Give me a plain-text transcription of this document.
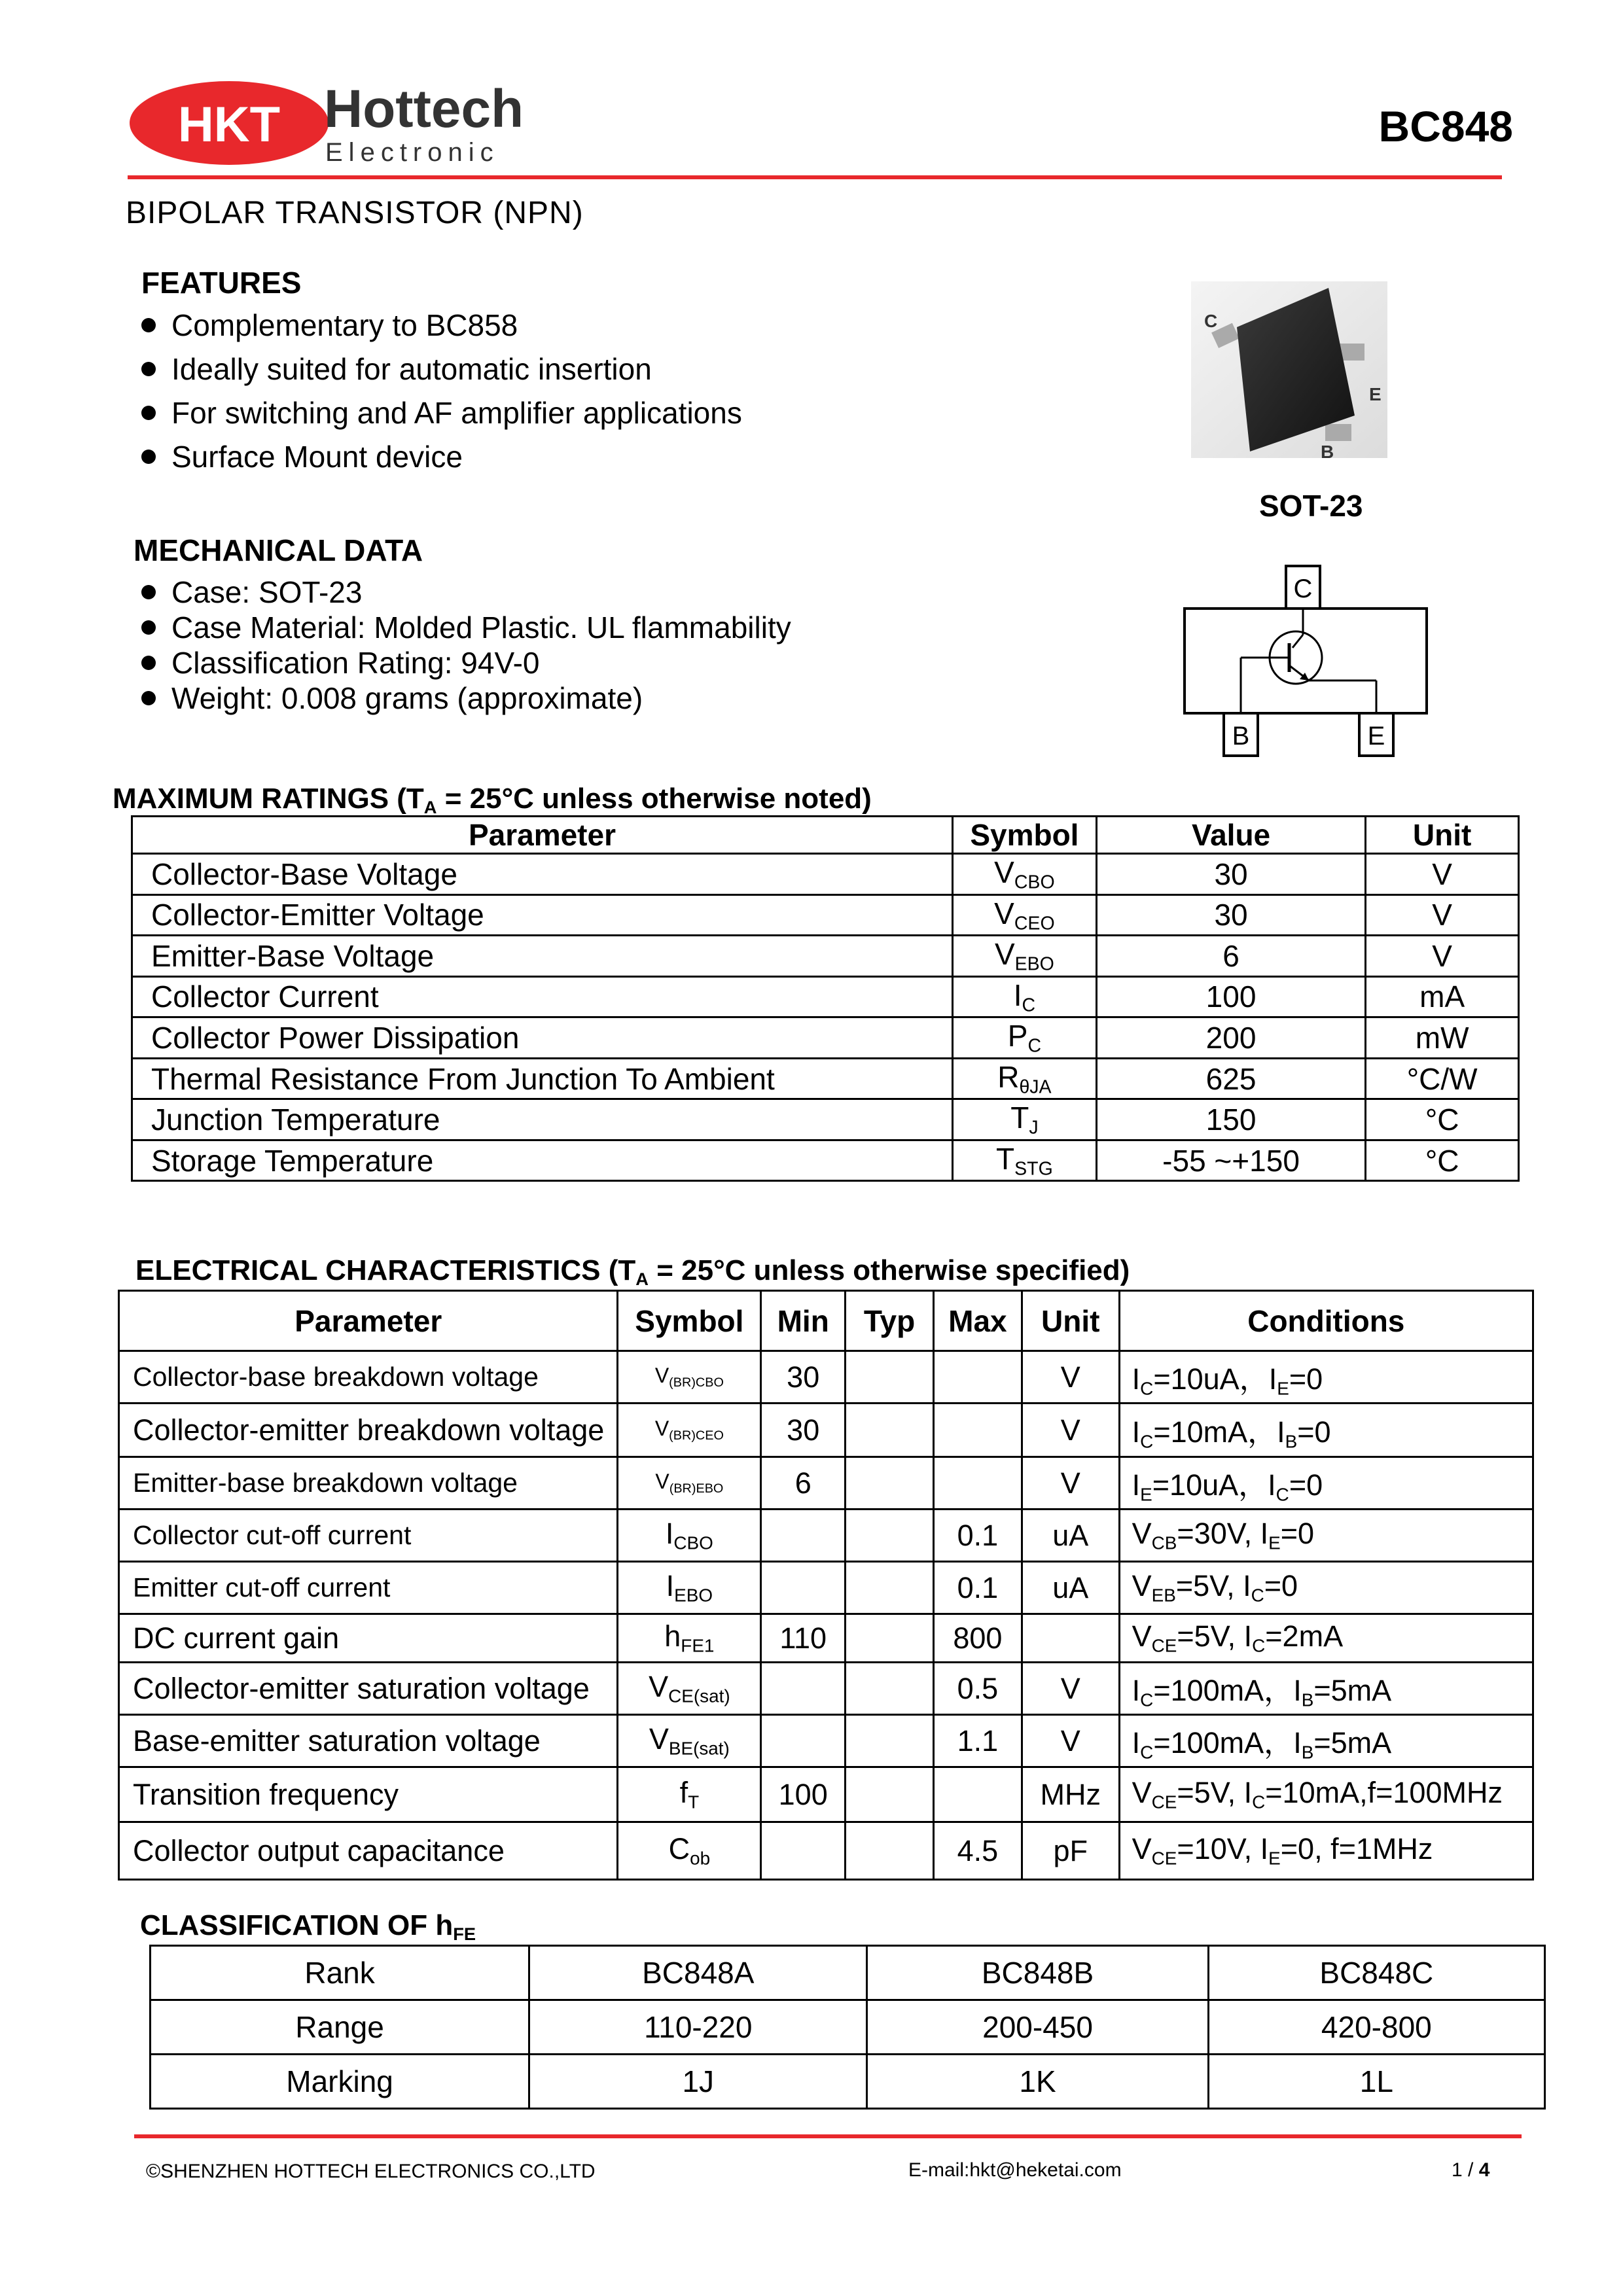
HKT Hottech
Electronic
BC848
BIPOLAR TRANSISTOR (NPN)
FEATURES
Complementary to BC858
Ideally suited for automatic insertion
For switching and AF amplifier applications
Surface Mount device
C
E
B
SOT-23
MECHANICAL DATA
Case: SOT-23
Case Material: Molded Plastic. UL flammability
Classification Rating: 94V-0
Weight: 0.008 grams (approximate)
C
B	E
MAXIMUM RATINGS ($T_A = 25^\circ C$ unless otherwise noted)
Parameter	Symbol	Value	Unit
Collector-Base Voltage	$V_{CBO}$	30	V
Collector-Emitter Voltage	$V_{CEO}$	30	V
Emitter-Base Voltage	$V_{EBO}$	6	V
Collector Current	$I_C$	100	mA
Collector Power Dissipation	$P_C$	200	mW
Thermal Resistance From Junction To Ambient	$R_{\theta JA}$	625	°C/W
Junction Temperature	$T_J$	150	°C
Storage Temperature	$T_{STG}$	-55 ~+150	°C
ELECTRICAL CHARACTERISTICS ($T_A = 25^\circ C$ unless otherwise specified)
Parameter	Symbol	Min	Typ	Max	Unit	Conditions
Collector-base breakdown voltage	$V_{(BR)CBO}$	30			V	$I_C=10uA$，$I_E=0$
Collector-emitter breakdown voltage	$V_{(BR)CEO}$	30			V	$I_C=10mA$，$I_B=0$
Emitter-base breakdown voltage	$V_{(BR)EBO}$	6			V	$I_E=10uA$，$I_C=0$
Collector cut-off current	$I_{CBO}$			0.1	uA	$V_{CB}=30V$, $I_E=0$
Emitter cut-off current	$I_{EBO}$			0.1	uA	$V_{EB}=5V$, $I_C=0$
DC current gain	$h_{FE1}$	110		800		$V_{CE}=5V$, $I_C=2mA$
Collector-emitter saturation voltage	$V_{CE(sat)}$			0.5	V	$I_C=100mA$，$I_B=5mA$
Base-emitter saturation voltage	$V_{BE(sat)}$			1.1	V	$I_C=100mA$，$I_B=5mA$
Transition frequency	$f_T$	100			MHz	$V_{CE}=5V$, $I_C=10mA,f=100MHz$
Collector output capacitance	$C_{ob}$			4.5	pF	$V_{CE}=10V$, $I_E=0$, f=1MHz
CLASSIFICATION OF $h_{FE}$
Rank	BC848A	BC848B	BC848C
Range	110-220	200-450	420-800
Marking	1J	1K	1L
©SHENZHEN HOTTECH ELECTRONICS CO.,LTD	E-mail:hkt@heketai.com	1 / 4
